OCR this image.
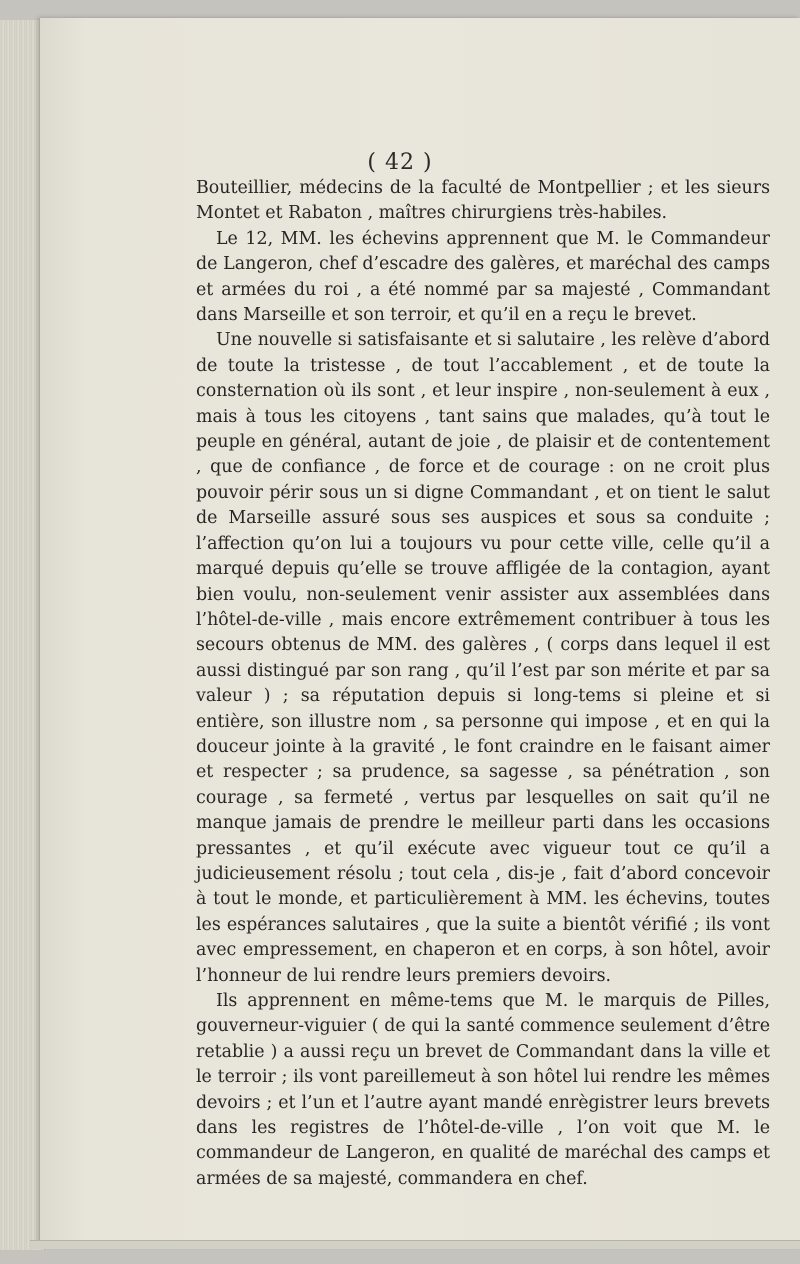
( 42 )

Bouteillier, médecins de la faculté de Montpellier ; et les sieurs Montet et Rabaton , maîtres chirurgiens très-habiles.

Le 12, MM. les échevins apprennent que M. le Commandeur de Langeron, chef d’escadre des galères, et maréchal des camps et armées du roi , a été nommé par sa majesté , Commandant dans Marseille et son terroir, et qu’il en a reçu le brevet.

Une nouvelle si satisfaisante et si salutaire , les relève d’abord de toute la tristesse , de tout l’accablement , et de toute la consternation où ils sont , et leur inspire , non-seulement à eux , mais à tous les citoyens , tant sains que malades, qu’à tout le peuple en général, autant de joie , de plaisir et de contentement , que de confiance , de force et de courage : on ne croit plus pouvoir périr sous un si digne Commandant , et on tient le salut de Marseille assuré sous ses auspices et sous sa conduite ; l’affection qu’on lui a toujours vu pour cette ville, celle qu’il a marqué depuis qu’elle se trouve affligée de la contagion, ayant bien voulu, non-seulement venir assister aux assemblées dans l’hôtel-de-ville , mais encore extrêmement contribuer à tous les secours obtenus de MM. des galères , ( corps dans lequel il est aussi distingué par son rang , qu’il l’est par son mérite et par sa valeur ) ; sa réputation depuis si long-tems si pleine et si entière, son illustre nom , sa personne qui impose , et en qui la douceur jointe à la gravité , le font craindre en le faisant aimer et respecter ; sa prudence, sa sagesse , sa pénétration , son courage , sa fermeté , vertus par lesquelles on sait qu’il ne manque jamais de prendre le meilleur parti dans les occasions pressantes , et qu’il exécute avec vigueur tout ce qu’il a judicieusement résolu ; tout cela , dis-je , fait d’abord concevoir à tout le monde, et particulièrement à MM. les échevins, toutes les espérances salutaires , que la suite a bientôt vérifié ; ils vont avec empressement, en chaperon et en corps, à son hôtel, avoir l’honneur de lui rendre leurs premiers devoirs.

Ils apprennent en même-tems que M. le marquis de Pilles, gouverneur-viguier ( de qui la santé commence seulement d’être retablie ) a aussi reçu un brevet de Commandant dans la ville et le terroir ; ils vont pareillemeut à son hôtel lui rendre les mêmes devoirs ; et l’un et l’autre ayant mandé enrègistrer leurs brevets dans les registres de l’hôtel-de-ville , l’on voit que M. le commandeur de Langeron, en qualité de maréchal des camps et armées de sa majesté, commandera en chef.
